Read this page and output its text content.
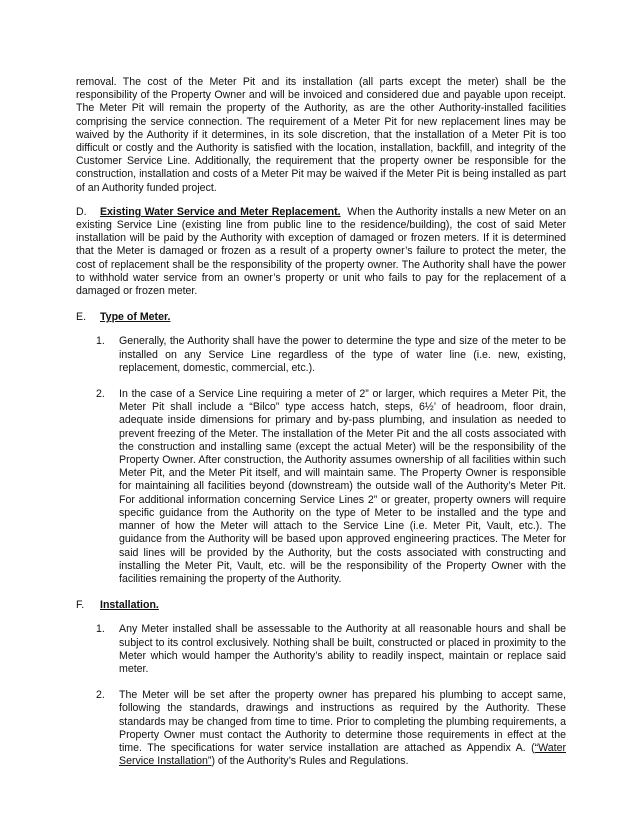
removal. The cost of the Meter Pit and its installation (all parts except the meter) shall be the responsibility of the Property Owner and will be invoiced and considered due and payable upon receipt. The Meter Pit will remain the property of the Authority, as are the other Authority-installed facilities comprising the service connection. The requirement of a Meter Pit for new replacement lines may be waived by the Authority if it determines, in its sole discretion, that the installation of a Meter Pit is too difficult or costly and the Authority is satisfied with the location, installation, backfill, and integrity of the Customer Service Line. Additionally, the requirement that the property owner be responsible for the construction, installation and costs of a Meter Pit may be waived if the Meter Pit is being installed as part of an Authority funded project.

D. Existing Water Service and Meter Replacement. When the Authority installs a new Meter on an existing Service Line (existing line from public line to the residence/building), the cost of said Meter installation will be paid by the Authority with exception of damaged or frozen meters. If it is determined that the Meter is damaged or frozen as a result of a property owner’s failure to protect the meter, the cost of replacement shall be the responsibility of the property owner. The Authority shall have the power to withhold water service from an owner’s property or unit who fails to pay for the replacement of a damaged or frozen meter.

E.	Type of Meter.
1.	Generally, the Authority shall have the power to determine the type and size of the meter to be installed on any Service Line regardless of the type of water line (i.e. new, existing, replacement, domestic, commercial, etc.).
2.	In the case of a Service Line requiring a meter of 2” or larger, which requires a Meter Pit, the Meter Pit shall include a “Bilco” type access hatch, steps, 6½’ of headroom, floor drain, adequate inside dimensions for primary and by-pass plumbing, and insulation as needed to prevent freezing of the Meter. The installation of the Meter Pit and the all costs associated with the construction and installing same (except the actual Meter) will be the responsibility of the Property Owner. After construction, the Authority assumes ownership of all facilities within such Meter Pit, and the Meter Pit itself, and will maintain same. The Property Owner is responsible for maintaining all facilities beyond (downstream) the outside wall of the Authority’s Meter Pit. For additional information concerning Service Lines 2” or greater, property owners will require specific guidance from the Authority on the type of Meter to be installed and the type and manner of how the Meter will attach to the Service Line (i.e. Meter Pit, Vault, etc.). The guidance from the Authority will be based upon approved engineering practices. The Meter for said lines will be provided by the Authority, but the costs associated with constructing and installing the Meter Pit, Vault, etc. will be the responsibility of the Property Owner with the facilities remaining the property of the Authority.
F.	Installation.
1.	Any Meter installed shall be assessable to the Authority at all reasonable hours and shall be subject to its control exclusively. Nothing shall be built, constructed or placed in proximity to the Meter which would hamper the Authority’s ability to readily inspect, maintain or replace said meter.
2.	The Meter will be set after the property owner has prepared his plumbing to accept same, following the standards, drawings and instructions as required by the Authority. These standards may be changed from time to time. Prior to completing the plumbing requirements, a Property Owner must contact the Authority to determine those requirements in effect at the time. The specifications for water service installation are attached as Appendix A. (“Water Service Installation”) of the Authority’s Rules and Regulations.
